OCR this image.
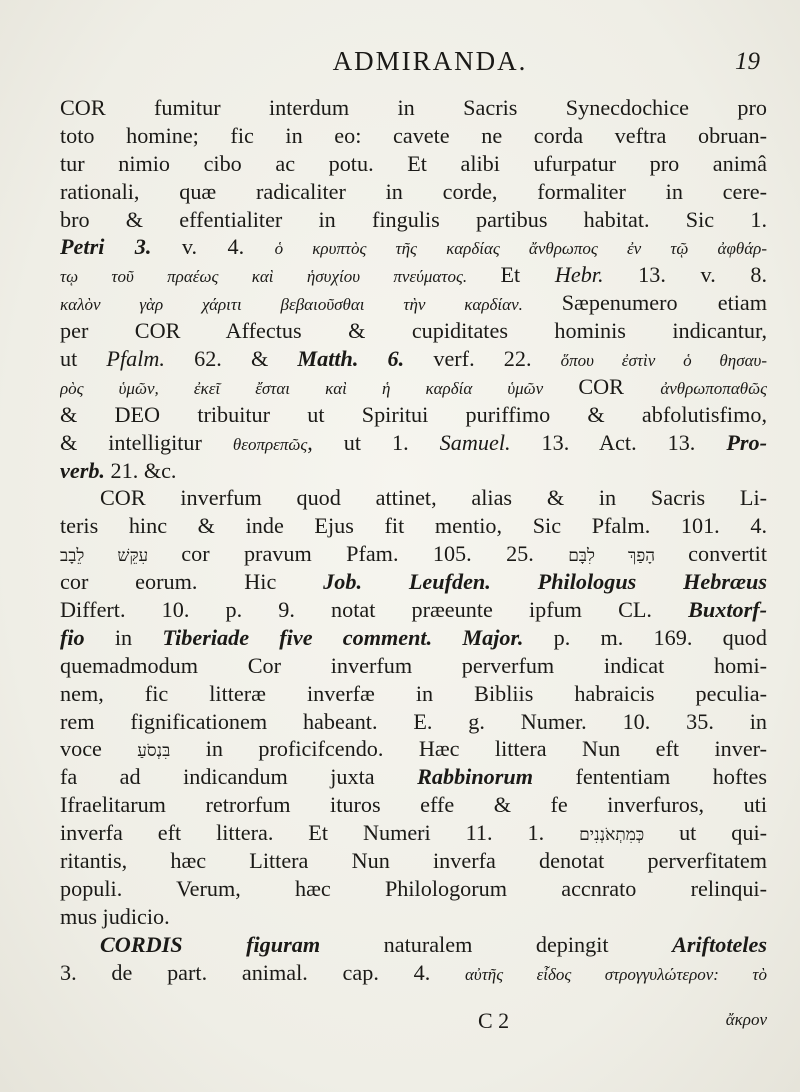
ADMIRANDA.	19
COR fumitur interdum in Sacris Synecdochice pro
toto homine; fic in eo: cavete ne corda veftra obruan-
tur nimio cibo ac potu. Et alibi ufurpatur pro animâ
rationali, quæ radicaliter in corde, formaliter in cere-
bro & effentialiter in fingulis partibus habitat. Sic 1.
Petri 3. v. 4. ὁ κρυπτὸς τῆς καρδίας ἄνθρωπος ἐν τῷ ἀφθάρ-
τῳ τοῦ πραέως καὶ ἡσυχίου πνεύματος. Et Hebr. 13. v. 8.
καλὸν γὰρ χάριτι βεβαιοῦσθαι τὴν καρδίαν. Sæpenumero etiam
per COR Affectus & cupiditates hominis indicantur,
ut Pfalm. 62. & Matth. 6. verf. 22. ὅπου ἐστὶν ὁ θησαυ-
ρὸς ὑμῶν, ἐκεῖ ἔσται καὶ ἡ καρδία ὑμῶν COR ἀνθρωποπαθῶς
& DEO tribuitur ut Spiritui puriffimo & abfolutisfimo,
& intelligitur θεοπρεπῶς, ut 1. Samuel. 13. Act. 13. Pro-
verb. 21. &c.
COR inverfum quod attinet, alias & in Sacris Li-
teris hinc & inde Ejus fit mentio, Sic Pfalm. 101. 4.
עִקֵּשׁ לֵבָב cor pravum Pfam. 105. 25. הָפַךְ לִבָּם convertit
cor eorum. Hic Job. Leufden. Philologus Hebræus
Differt. 10. p. 9. notat præeunte ipfum CL. Buxtorf-
fio in Tiberiade five comment. Major. p. m. 169. quod
quemadmodum Cor inverfum perverfum indicat homi-
nem, fic litteræ inverfæ in Bibliis habraicis peculia-
rem fignificationem habeant. E. g. Numer. 10. 35. in
voce בִּנְסֹעַ in proficifcendo. Hæc littera Nun eft inver-
fa ad indicandum juxta Rabbinorum fententiam hoftes
Ifraelitarum retrorfum ituros effe & fe inverfuros, uti
inverfa eft littera. Et Numeri 11. 1. כְּמִתְאֹנְנִים ut qui-
ritantis, hæc Littera Nun inverfa denotat perverfitatem
populi. Verum, hæc Philologorum accnrato relinqui-
mus judicio.
CORDIS figuram naturalem depingit Ariftoteles
3. de part. animal. cap. 4. αὐτῆς εἶδος στρογγυλώτερον: τὸ
C 2	ἄκρον
